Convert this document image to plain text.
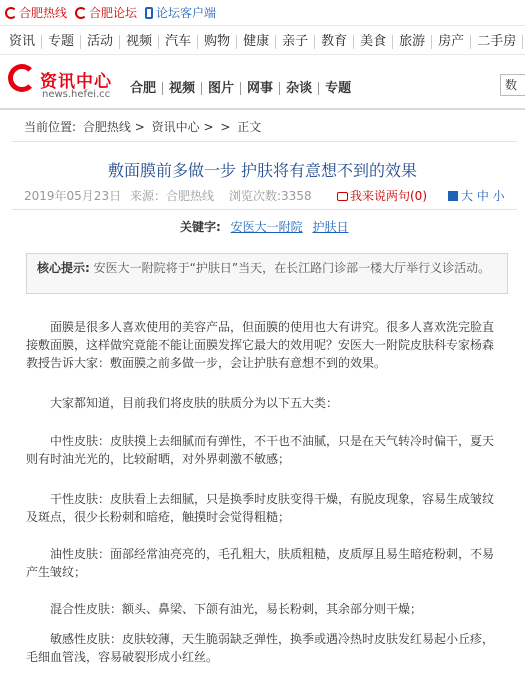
合肥热线 合肥论坛 论坛客户端
资讯	专题	活动	视频	汽车	购物	健康	亲子	教育	美食	旅游	房产	二手房
资讯中心
news.hefei.cc 合肥	视频	图片	网事	杂谈	专题	数
当前位置: 合肥热线 > 资讯中心 > > 正文
敷面膜前多做一步 护肤将有意想不到的效果
2019年05月23日 来源：合肥热线 浏览次数:3358	我来说两句(0)	大 中 小
关键字: 安医大一附院 护肤日
核心提示: 安医大一附院将于“护肤日”当天，在长江路门诊部一楼大厅举行义诊活动。

面膜是很多人喜欢使用的美容产品，但面膜的使用也大有讲究。很多人喜欢洗完脸直接敷面膜，这样做究竟能不能让面膜发挥它最大的效用呢？安医大一附院皮肤科专家杨森教授告诉大家：敷面膜之前多做一步，会让护肤有意想不到的效果。

大家都知道，目前我们将皮肤的肤质分为以下五大类：

中性皮肤：皮肤摸上去细腻而有弹性，不干也不油腻，只是在天气转冷时偏干，夏天则有时油光光的，比较耐晒，对外界刺激不敏感；

干性皮肤：皮肤看上去细腻，只是换季时皮肤变得干燥，有脱皮现象，容易生成皱纹及斑点，很少长粉刺和暗疮，触摸时会觉得粗糙；

油性皮肤：面部经常油亮亮的，毛孔粗大，肤质粗糙，皮质厚且易生暗疮粉刺，不易产生皱纹；

混合性皮肤：额头、鼻梁、下颌有油光，易长粉刺，其余部分则干燥；

敏感性皮肤：皮肤较薄，天生脆弱缺乏弹性，换季或遇冷热时皮肤发红易起小丘疹，毛细血管浅，容易破裂形成小红丝。
